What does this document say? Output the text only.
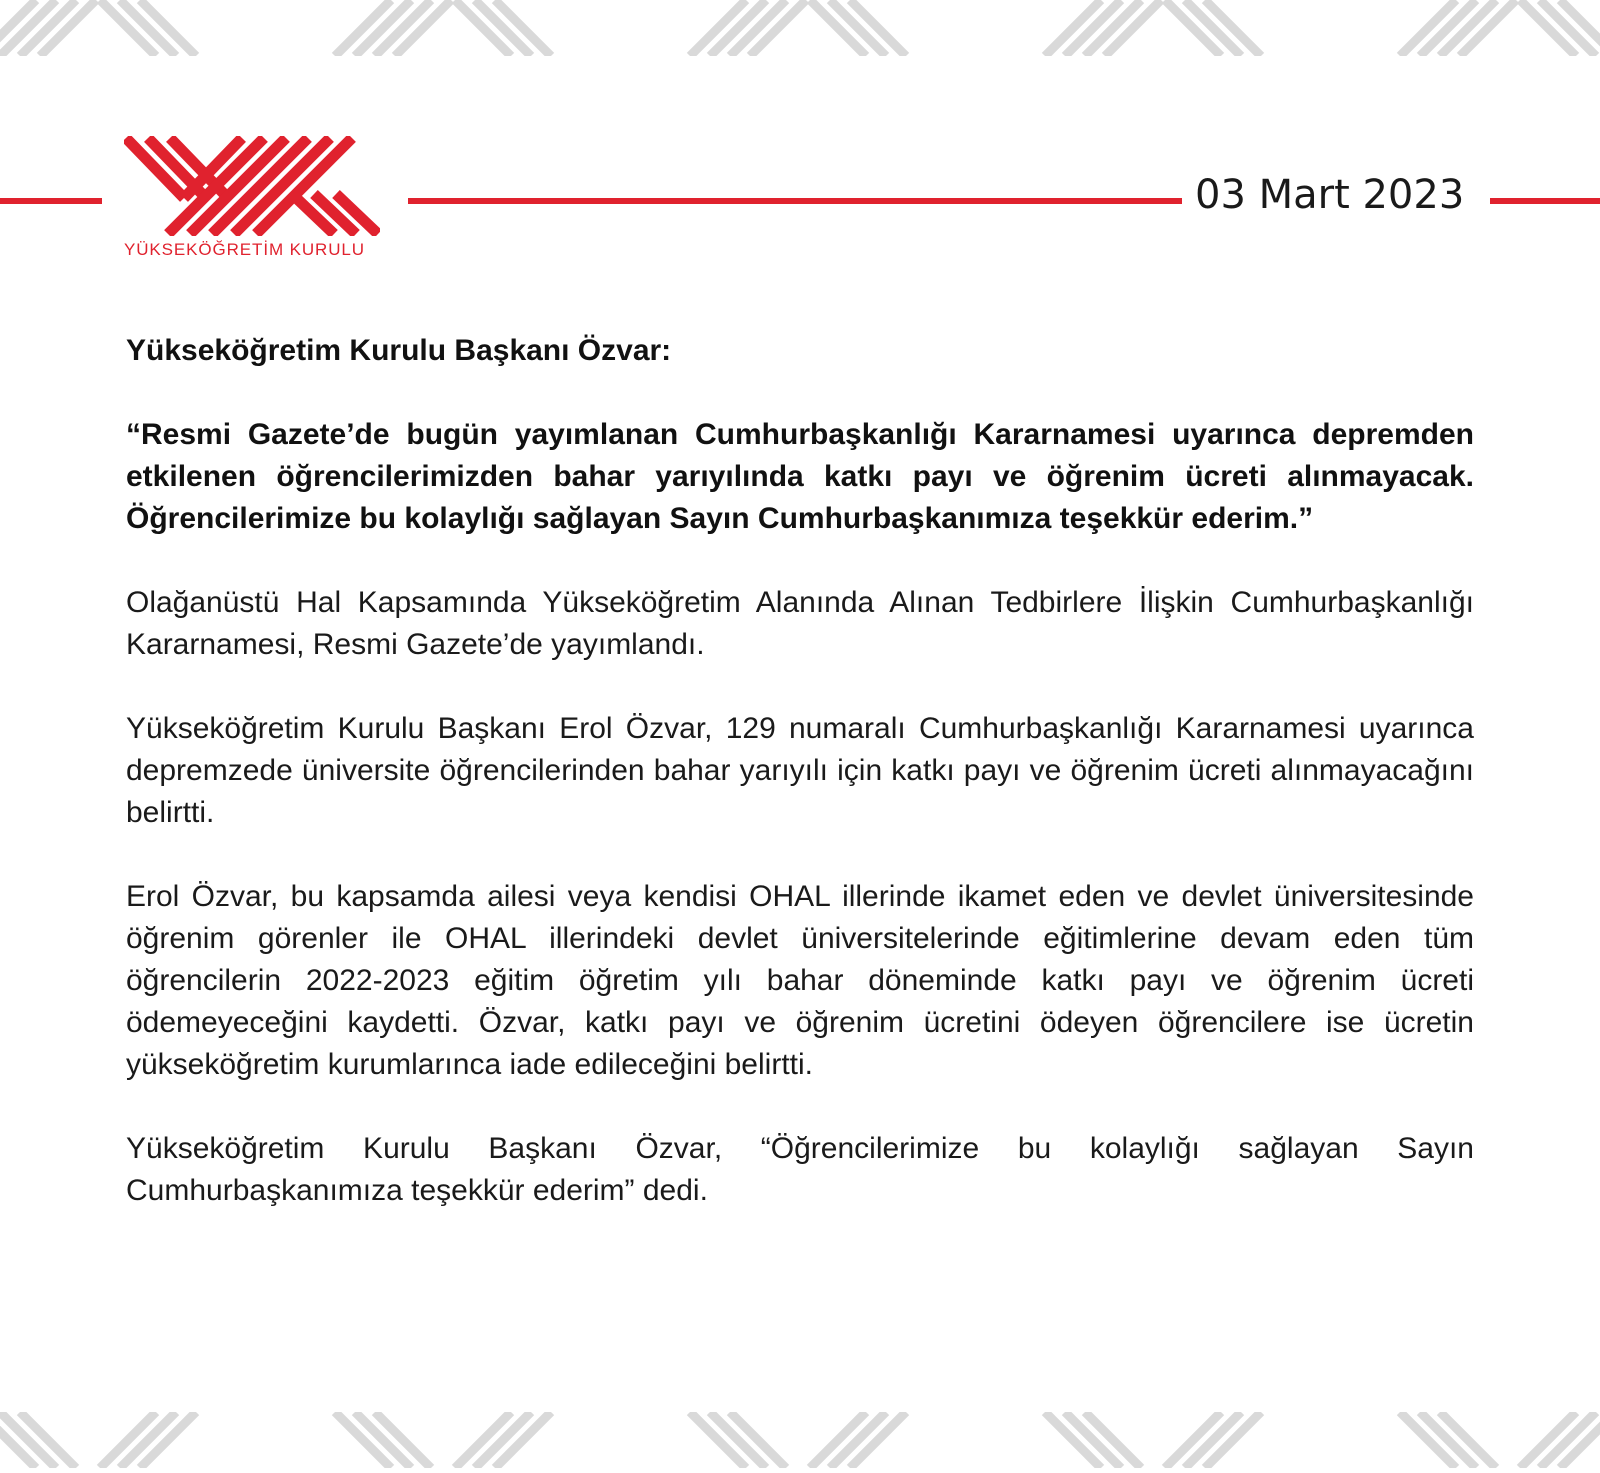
YÜKSEKÖĞRETİM KURULU
03 Mart 2023

Yükseköğretim Kurulu Başkanı Özvar:

“Resmi Gazete’de bugün yayımlanan Cumhurbaşkanlığı Kararnamesi uyarınca depremden etkilenen öğrencilerimizden bahar yarıyılında katkı payı ve öğrenim ücreti alınmayacak. Öğrencilerimize bu kolaylığı sağlayan Sayın Cumhurbaşkanımıza teşekkür ederim.”

Olağanüstü Hal Kapsamında Yükseköğretim Alanında Alınan Tedbirlere İlişkin Cumhurbaşkanlığı Kararnamesi, Resmi Gazete’de yayımlandı.

Yükseköğretim Kurulu Başkanı Erol Özvar, 129 numaralı Cumhurbaşkanlığı Kararnamesi uyarınca depremzede üniversite öğrencilerinden bahar yarıyılı için katkı payı ve öğrenim ücreti alınmayacağını belirtti.

Erol Özvar, bu kapsamda ailesi veya kendisi OHAL illerinde ikamet eden ve devlet üniversitesinde öğrenim görenler ile OHAL illerindeki devlet üniversitelerinde eğitimlerine devam eden tüm öğrencilerin 2022-2023 eğitim öğretim yılı bahar döneminde katkı payı ve öğrenim ücreti ödemeyeceğini kaydetti. Özvar, katkı payı ve öğrenim ücretini ödeyen öğrencilere ise ücretin yükseköğretim kurumlarınca iade edileceğini belirtti.

Yükseköğretim Kurulu Başkanı Özvar, “Öğrencilerimize bu kolaylığı sağlayan Sayın Cumhurbaşkanımıza teşekkür ederim” dedi.
